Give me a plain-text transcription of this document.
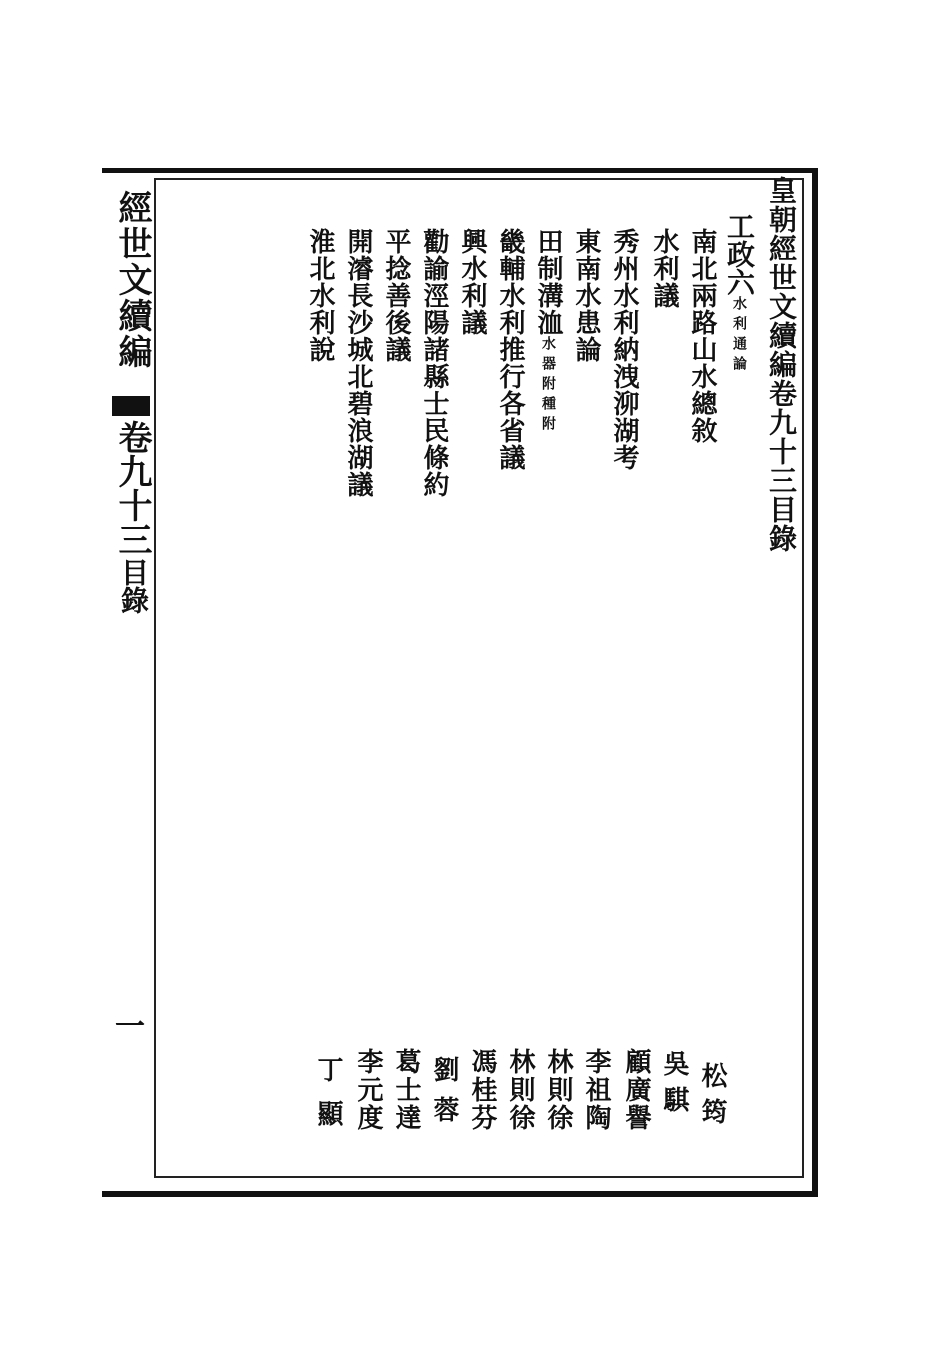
經世文續編
卷九十三
目錄
一
皇朝經世文續編卷九十三目錄
工政六水利通論
南北兩路山水總敘
水利議
秀州水利納洩泖湖考
東南水患論
田制溝洫水器附種附
畿輔水利推行各省議
興水利議
勸諭涇陽諸縣士民條約
平捻善後議
開濬長沙城北碧浪湖議
淮北水利說
松筠
吳騏
顧廣譽
李祖陶
林則徐
林則徐
馮桂芬
劉蓉
葛士達
李元度
丁顯
